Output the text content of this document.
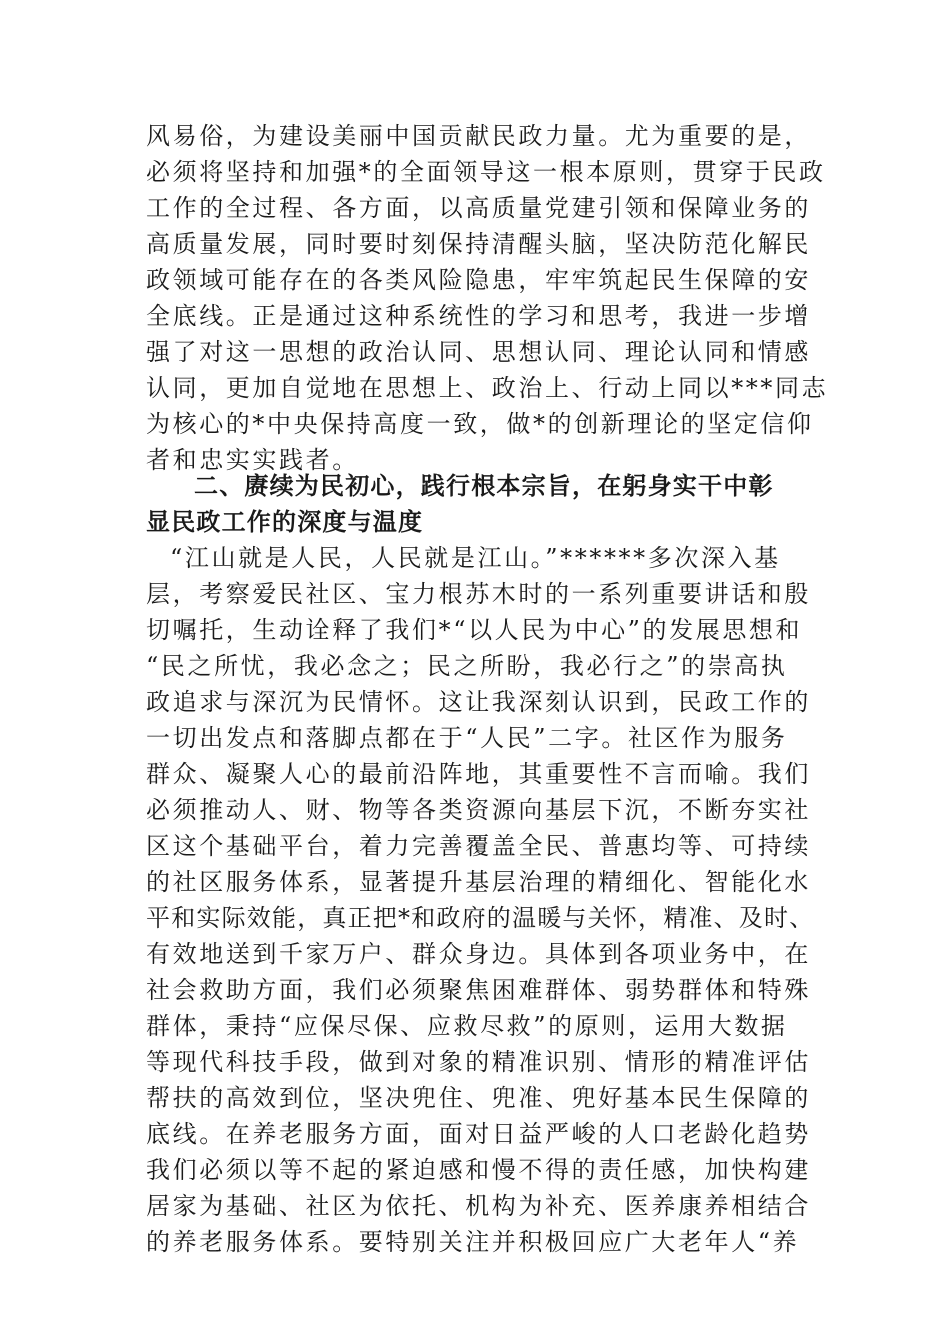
风易俗，为建设美丽中国贡献民政力量。尤为重要的是，
必须将坚持和加强*的全面领导这一根本原则，贯穿于民政
工作的全过程、各方面，以高质量党建引领和保障业务的
高质量发展，同时要时刻保持清醒头脑，坚决防范化解民
政领域可能存在的各类风险隐患，牢牢筑起民生保障的安
全底线。正是通过这种系统性的学习和思考，我进一步增
强了对这一思想的政治认同、思想认同、理论认同和情感
认同，更加自觉地在思想上、政治上、行动上同以***同志
为核心的*中央保持高度一致，做*的创新理论的坚定信仰
者和忠实实践者。
二、赓续为民初心，践行根本宗旨，在躬身实干中彰
显民政工作的深度与温度
“江山就是人民，人民就是江山。”******多次深入基
层，考察爱民社区、宝力根苏木时的一系列重要讲话和殷
切嘱托，生动诠释了我们*“以人民为中心”的发展思想和
“民之所忧，我必念之；民之所盼，我必行之”的崇高执
政追求与深沉为民情怀。这让我深刻认识到，民政工作的
一切出发点和落脚点都在于“人民”二字。社区作为服务
群众、凝聚人心的最前沿阵地，其重要性不言而喻。我们
必须推动人、财、物等各类资源向基层下沉，不断夯实社
区这个基础平台，着力完善覆盖全民、普惠均等、可持续
的社区服务体系，显著提升基层治理的精细化、智能化水
平和实际效能，真正把*和政府的温暖与关怀，精准、及时、
有效地送到千家万户、群众身边。具体到各项业务中，在
社会救助方面，我们必须聚焦困难群体、弱势群体和特殊
群体，秉持“应保尽保、应救尽救”的原则，运用大数据
等现代科技手段，做到对象的精准识别、情形的精准评估
帮扶的高效到位，坚决兜住、兜准、兜好基本民生保障的
底线。在养老服务方面，面对日益严峻的人口老龄化趋势
我们必须以等不起的紧迫感和慢不得的责任感，加快构建
居家为基础、社区为依托、机构为补充、医养康养相结合
的养老服务体系。要特别关注并积极回应广大老年人“养
